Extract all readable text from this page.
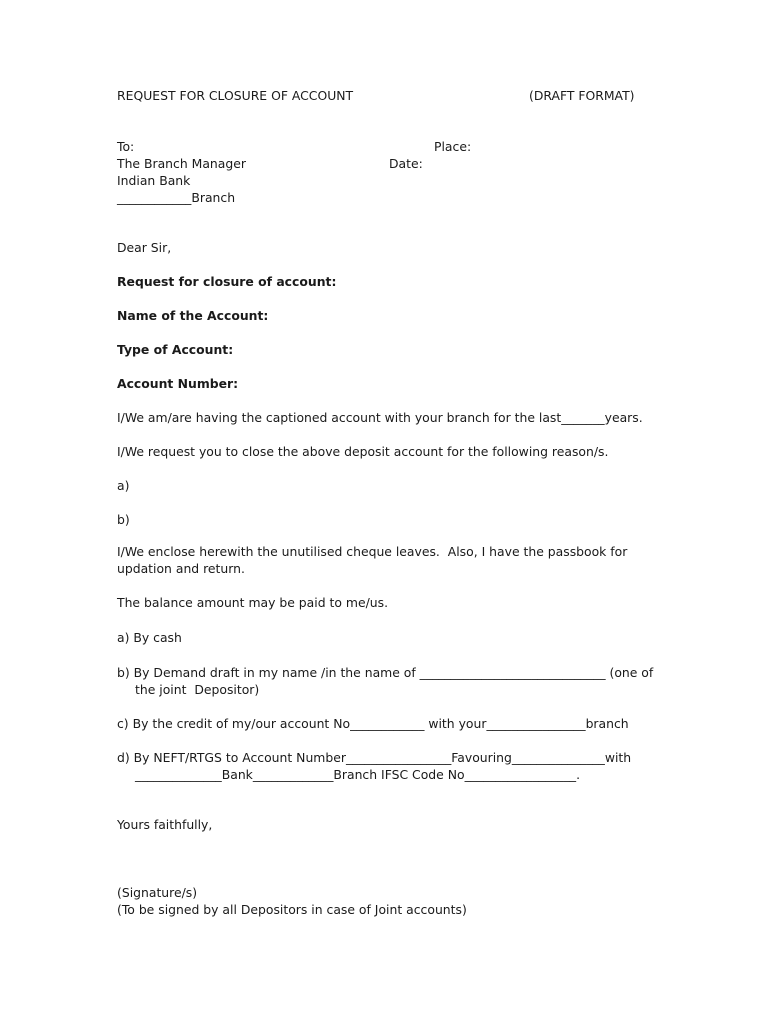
REQUEST FOR CLOSURE OF ACCOUNT	(DRAFT FORMAT)
To:	Place:
The Branch Manager	Date:
Indian Bank
____________Branch
Dear Sir,
Request for closure of account:
Name of the Account:
Type of Account:
Account Number:
I/We am/are having the captioned account with your branch for the last_______years.
I/We request you to close the above deposit account for the following reason/s.
a)
b)
I/We enclose herewith the unutilised cheque leaves.  Also, I have the passbook for
updation and return.
The balance amount may be paid to me/us.
a) By cash
b) By Demand draft in my name /in the name of ______________________________ (one of
the joint  Depositor)
c) By the credit of my/our account No____________ with your________________branch
d) By NEFT/RTGS to Account Number_________________Favouring_______________with
______________Bank_____________Branch IFSC Code No__________________.
Yours faithfully,
(Signature/s)
(To be signed by all Depositors in case of Joint accounts)
